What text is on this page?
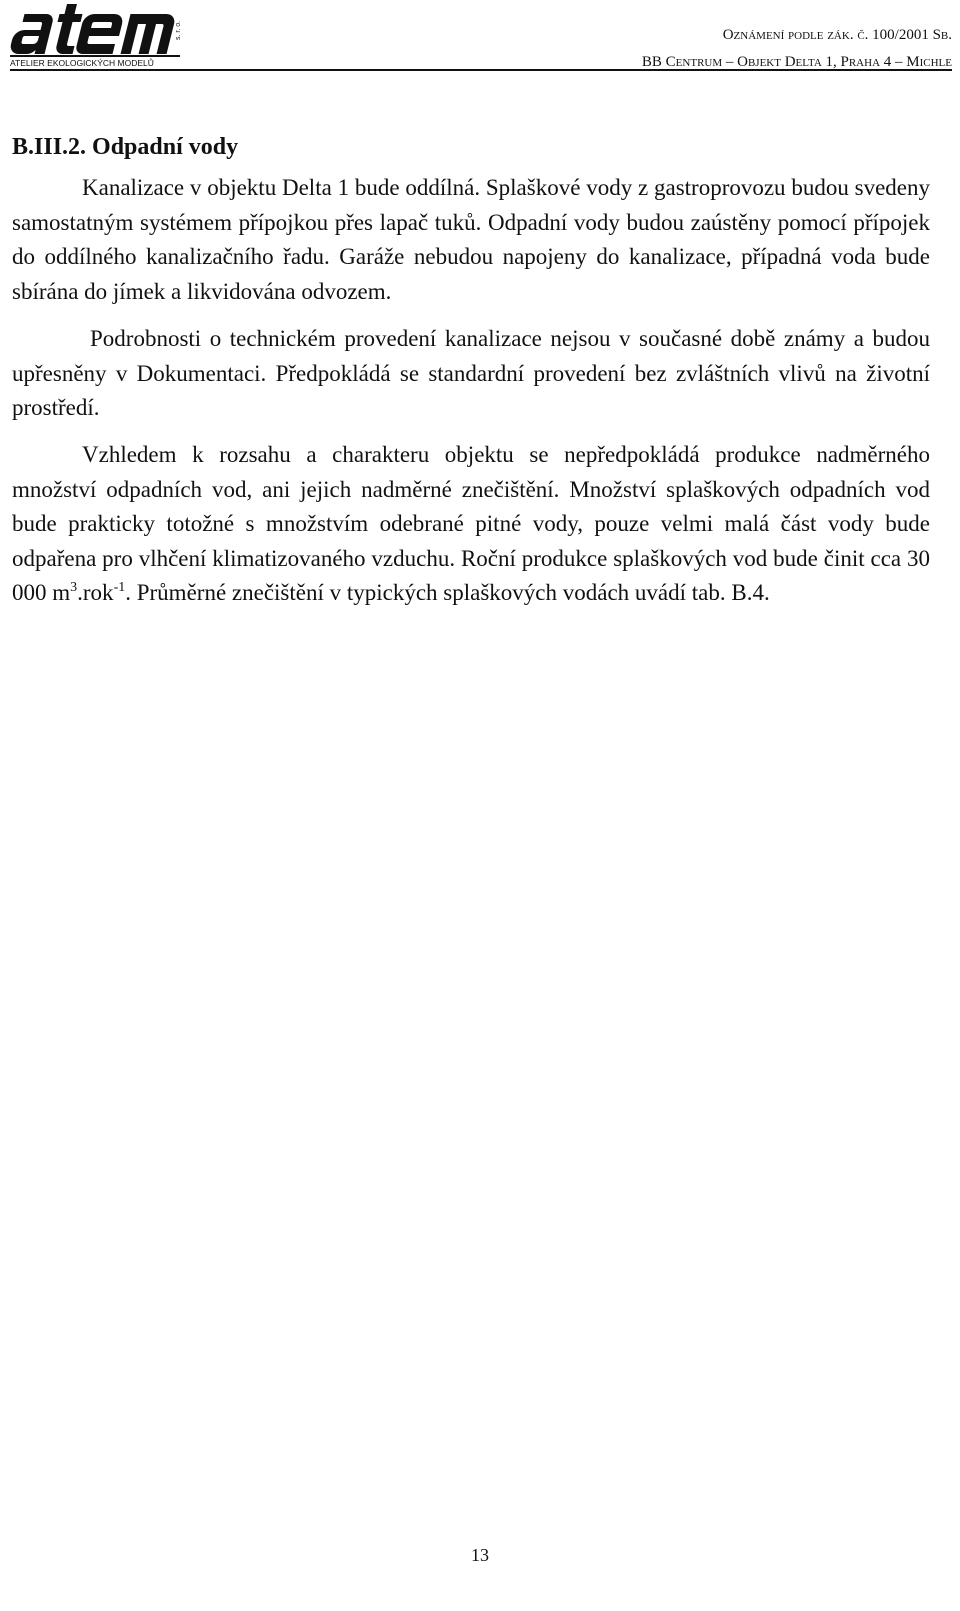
ATELIER EKOLOGICKÝCH MODELŮ
s. r. o.	Oznámení podle zák. č. 100/2001 Sb.
BB Centrum – Objekt Delta 1, Praha 4 – Michle
B.III.2. Odpadní vody

Kanalizace v objektu Delta 1 bude oddílná. Splaškové vody z gastroprovozu budou svedeny samostatným systémem přípojkou přes lapač tuků. Odpadní vody budou zaústěny pomocí přípojek do oddílného kanalizačního řadu. Garáže nebudou napojeny do kanalizace, případná voda bude sbírána do jímek a likvidována odvozem.

Podrobnosti o technickém provedení kanalizace nejsou v současné době známy a budou upřesněny v Dokumentaci. Předpokládá se standardní provedení bez zvláštních vlivů na životní prostředí.

Vzhledem k rozsahu a charakteru objektu se nepředpokládá produkce nadměrného množství odpadních vod, ani jejich nadměrné znečištění. Množství splaškových odpadních vod bude prakticky totožné s množstvím odebrané pitné vody, pouze velmi malá část vody bude odpařena pro vlhčení klimatizovaného vzduchu. Roční produkce splaškových vod bude činit cca 30 000 $m^3.rok^{-1}$. Průměrné znečištění v typických splaškových vodách uvádí tab. B.4.

13
